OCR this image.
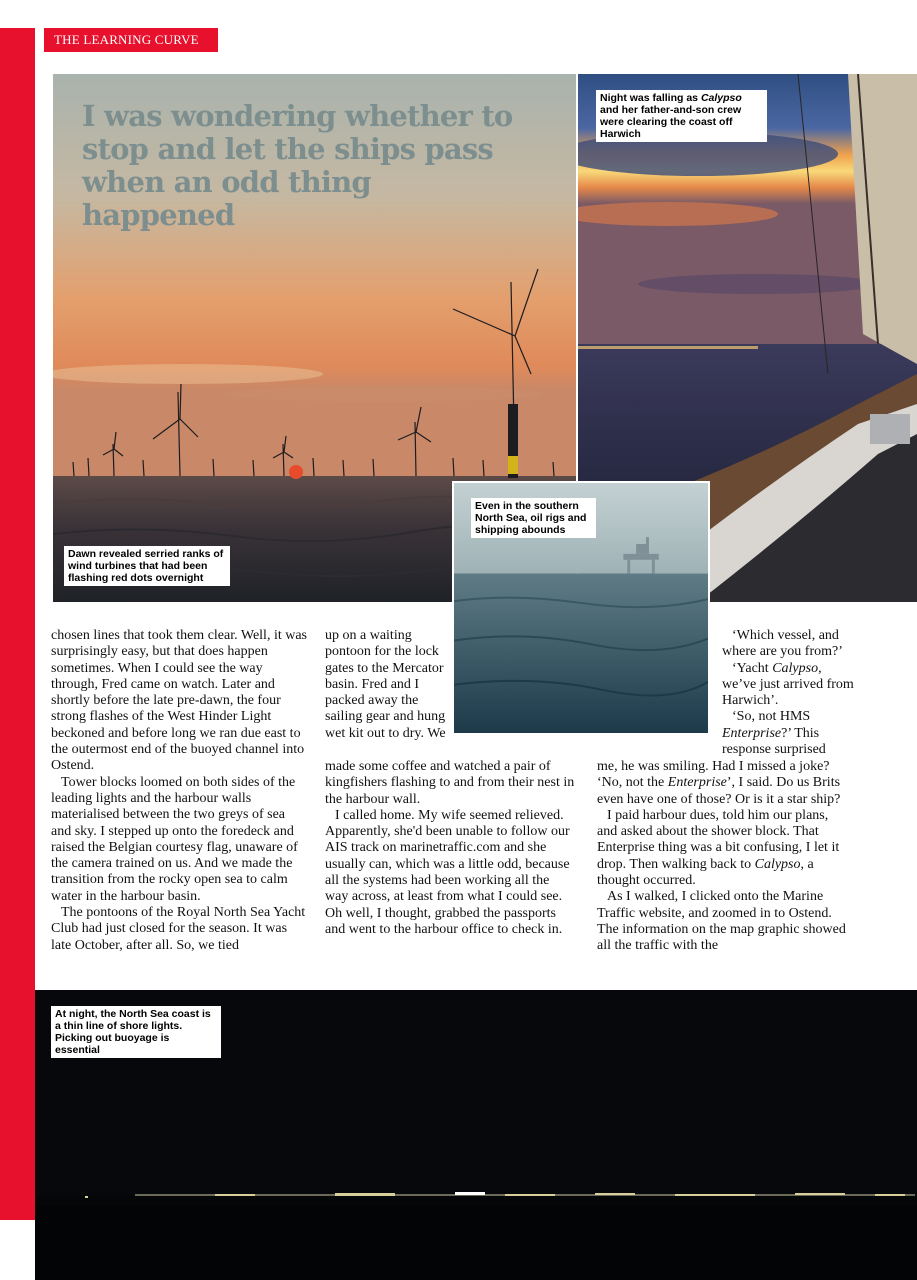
THE LEARNING CURVE
I was wondering whether to stop and let the ships pass when an odd thing happened
Dawn revealed serried ranks of wind turbines that had been flashing red dots overnight
Night was falling as Calypso and her father-and-son crew were clearing the coast off Harwich
Even in the southern North Sea, oil rigs and shipping abounds

chosen lines that took them clear. Well, it was surprisingly easy, but that does happen sometimes. When I could see the way through, Fred came on watch. Later and shortly before the late pre-dawn, the four strong flashes of the West Hinder Light beckoned and before long we ran due east to the outermost end of the buoyed channel into Ostend.

Tower blocks loomed on both sides of the leading lights and the harbour walls materialised between the two greys of sea and sky. I stepped up onto the foredeck and raised the Belgian courtesy flag, unaware of the camera trained on us. And we made the transition from the rocky open sea to calm water in the harbour basin.

The pontoons of the Royal North Sea Yacht Club had just closed for the season. It was late October, after all. So, we tied

up on a waiting pontoon for the lock gates to the Mercator basin. Fred and I packed away the sailing gear and hung wet kit out to dry. We

made some coffee and watched a pair of kingfishers flashing to and from their nest in the harbour wall.

I called home. My wife seemed relieved. Apparently, she'd been unable to follow our AIS track on marinetraffic.com and she usually can, which was a little odd, because all the systems had been working all the way across, at least from what I could see. Oh well, I thought, grabbed the passports and went to the harbour office to check in.

‘Which vessel, and where are you from?’

‘Yacht Calypso, we’ve just arrived from Harwich’.

‘So, not HMS Enterprise?’ This response surprised

me, he was smiling. Had I missed a joke? ‘No, not the Enterprise’, I said. Do us Brits even have one of those? Or is it a star ship?

I paid harbour dues, told him our plans, and asked about the shower block. That Enterprise thing was a bit confusing, I let it drop. Then walking back to Calypso, a thought occurred.

As I walked, I clicked onto the Marine Traffic website, and zoomed in to Ostend. The information on the map graphic showed all the traffic with the

At night, the North Sea coast is a thin line of shore lights. Picking out buoyage is essential
